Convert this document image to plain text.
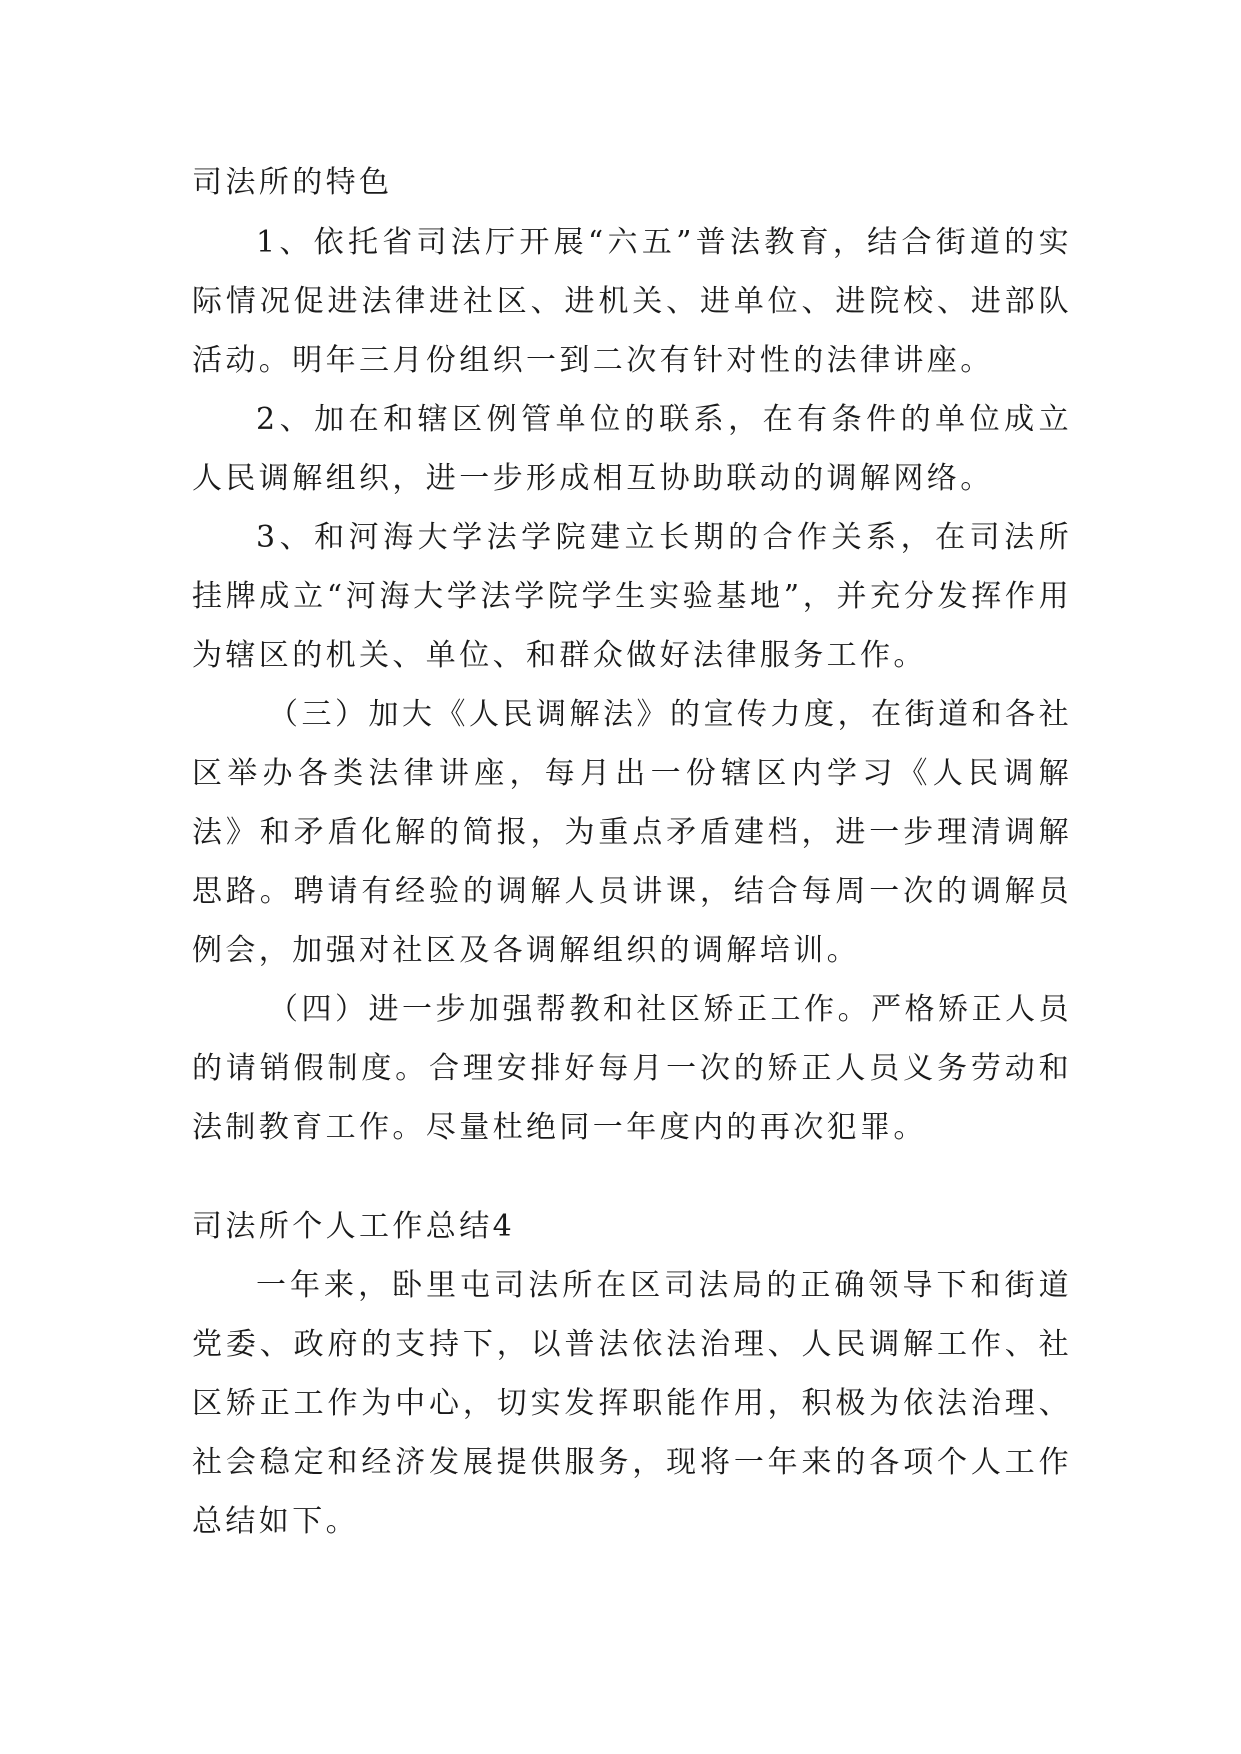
司法所的特色

1、依托省司法厅开展“六五”普法教育，结合街道的实际情况促进法律进社区、进机关、进单位、进院校、进部队活动。明年三月份组织一到二次有针对性的法律讲座。

2、加在和辖区例管单位的联系，在有条件的单位成立人民调解组织，进一步形成相互协助联动的调解网络。

3、和河海大学法学院建立长期的合作关系，在司法所挂牌成立“河海大学法学院学生实验基地”，并充分发挥作用为辖区的机关、单位、和群众做好法律服务工作。

（三）加大《人民调解法》的宣传力度，在街道和各社区举办各类法律讲座，每月出一份辖区内学习《人民调解法》和矛盾化解的简报，为重点矛盾建档，进一步理清调解思路。聘请有经验的调解人员讲课，结合每周一次的调解员例会，加强对社区及各调解组织的调解培训。

（四）进一步加强帮教和社区矫正工作。严格矫正人员的请销假制度。合理安排好每月一次的矫正人员义务劳动和法制教育工作。尽量杜绝同一年度内的再次犯罪。

司法所个人工作总结4

一年来，卧里屯司法所在区司法局的正确领导下和街道党委、政府的支持下，以普法依法治理、人民调解工作、社区矫正工作为中心，切实发挥职能作用，积极为依法治理、社会稳定和经济发展提供服务，现将一年来的各项个人工作总结如下。
